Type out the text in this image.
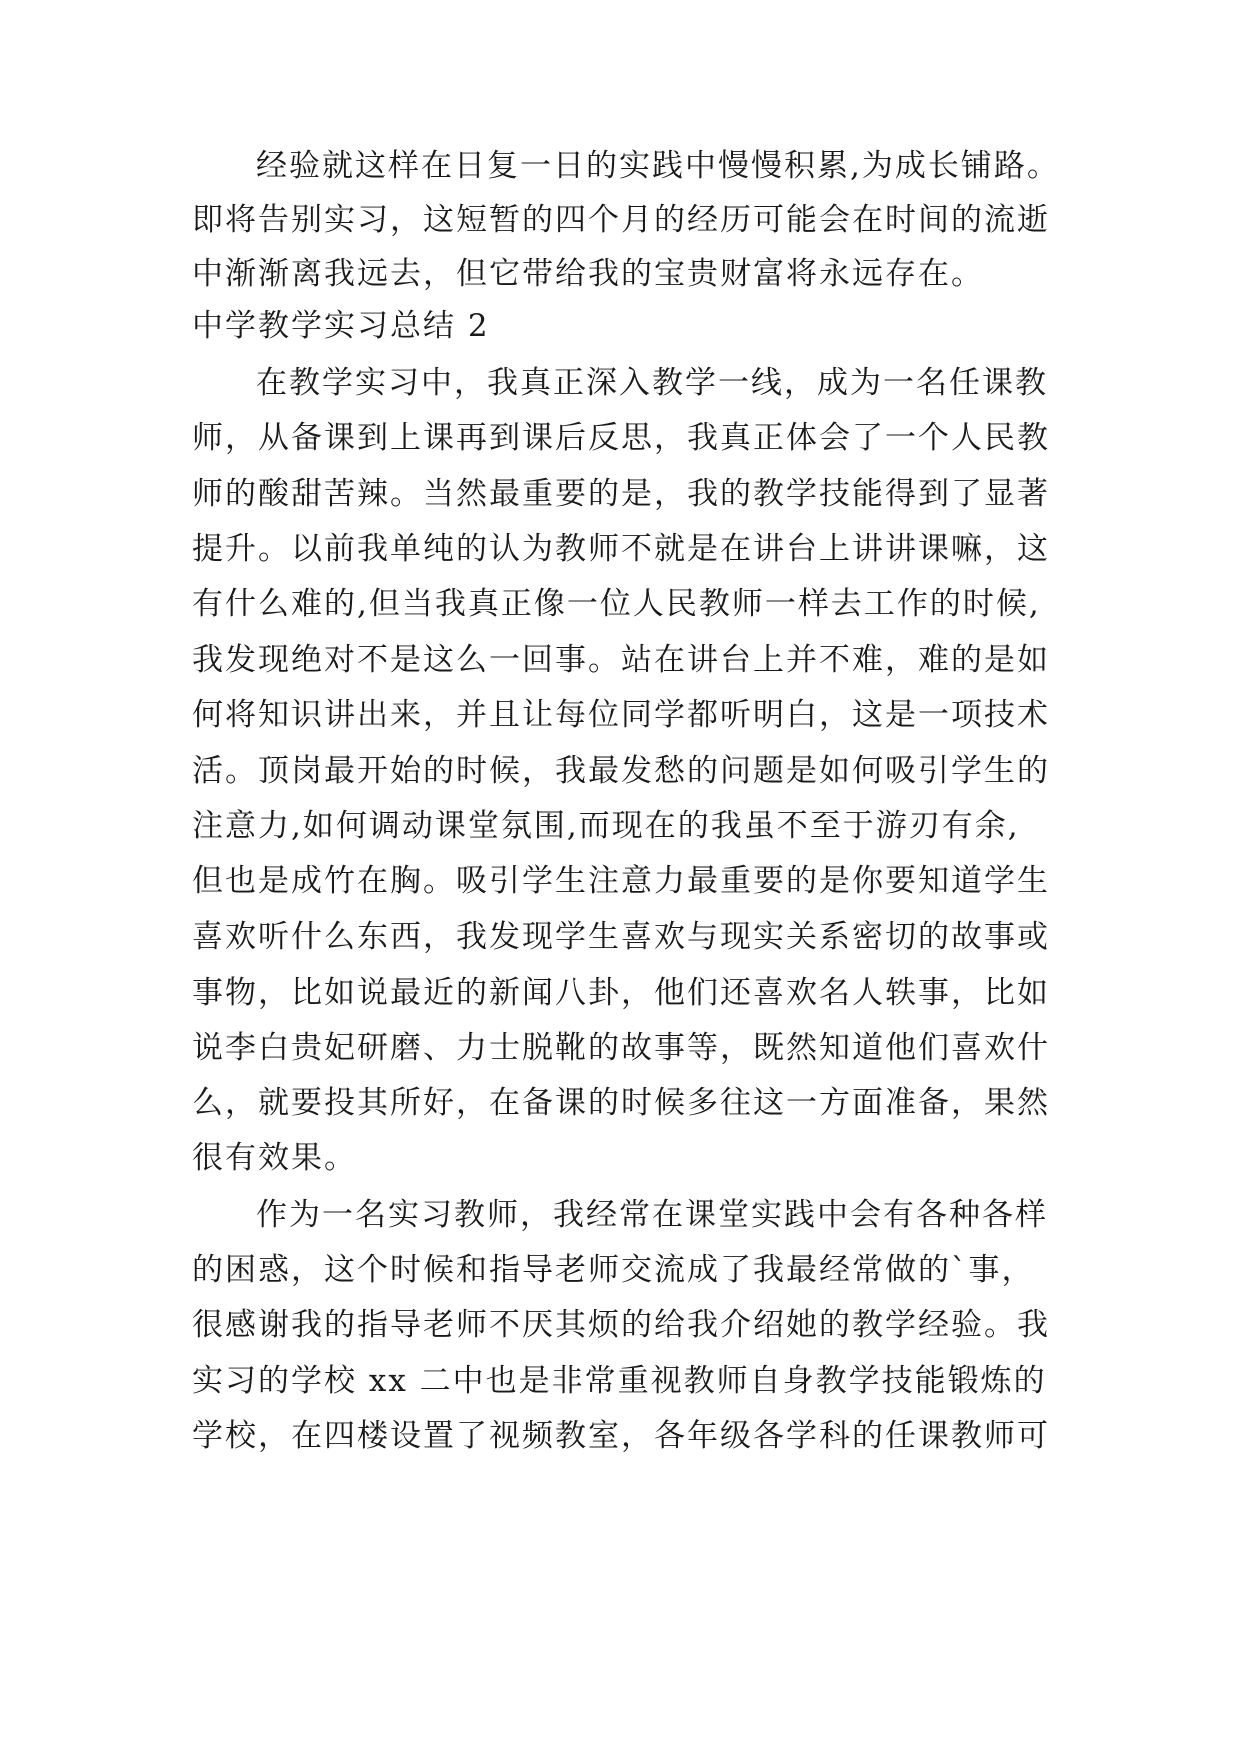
经验就这样在日复一日的实践中慢慢积累,为成长铺路。
即将告别实习，这短暂的四个月的经历可能会在时间的流逝
中渐渐离我远去，但它带给我的宝贵财富将永远存在。
中学教学实习总结 2
在教学实习中，我真正深入教学一线，成为一名任课教
师，从备课到上课再到课后反思，我真正体会了一个人民教
师的酸甜苦辣。当然最重要的是，我的教学技能得到了显著
提升。以前我单纯的认为教师不就是在讲台上讲讲课嘛，这
有什么难的,但当我真正像一位人民教师一样去工作的时候,
我发现绝对不是这么一回事。站在讲台上并不难，难的是如
何将知识讲出来，并且让每位同学都听明白，这是一项技术
活。顶岗最开始的时候，我最发愁的问题是如何吸引学生的
注意力,如何调动课堂氛围,而现在的我虽不至于游刃有余,
但也是成竹在胸。吸引学生注意力最重要的是你要知道学生
喜欢听什么东西，我发现学生喜欢与现实关系密切的故事或
事物，比如说最近的新闻八卦，他们还喜欢名人轶事，比如
说李白贵妃研磨、力士脱靴的故事等，既然知道他们喜欢什
么，就要投其所好，在备课的时候多往这一方面准备，果然
很有效果。
作为一名实习教师，我经常在课堂实践中会有各种各样
的困惑，这个时候和指导老师交流成了我最经常做的`事，
很感谢我的指导老师不厌其烦的给我介绍她的教学经验。我
实习的学校 xx 二中也是非常重视教师自身教学技能锻炼的
学校，在四楼设置了视频教室，各年级各学科的任课教师可
